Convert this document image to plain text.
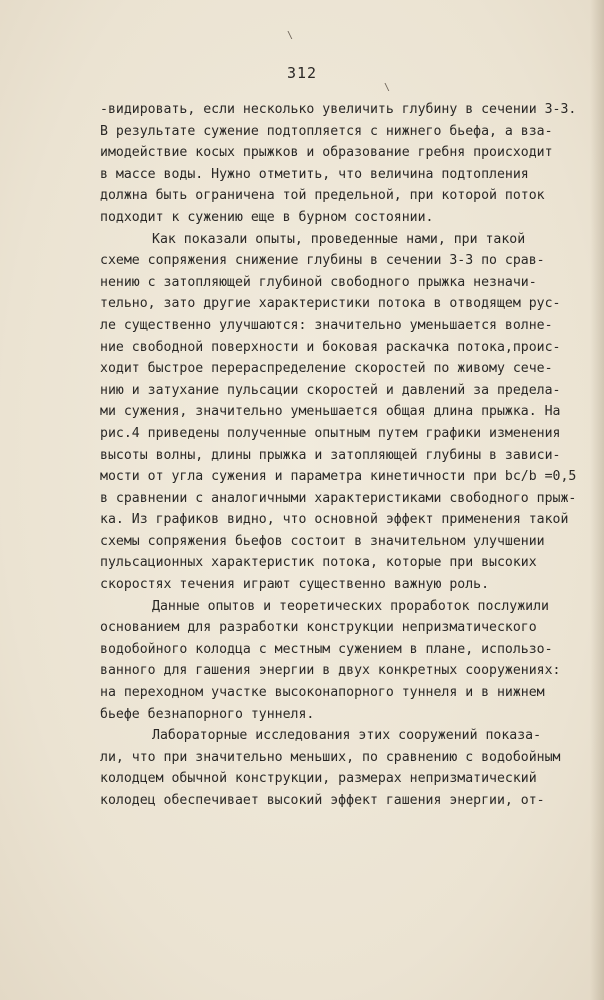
\
\
312
-видировать, если несколько увеличить глубину в сечении 3-3.
В результате сужение подтопляется с нижнего бьефа, а вза-
имодействие косых прыжков и образование гребня происходит
в массе воды. Нужно отметить, что величина подтопления
должна быть ограничена той предельной, при которой поток
подходит к сужению еще в бурном состоянии.
Как показали опыты, проведенные нами, при такой
схеме сопряжения снижение глубины в сечении 3-3 по срав-
нению с затопляющей глубиной свободного прыжка незначи-
тельно, зато другие характеристики потока в отводящем рус-
ле существенно улучшаются: значительно уменьшается волне-
ние свободной поверхности и боковая раскачка потока,проис-
ходит быстрое перераспределение скоростей по живому сече-
нию и затухание пульсации скоростей и давлений за предела-
ми сужения, значительно уменьшается общая длина прыжка. На
рис.4 приведены полученные опытным путем графики изменения
высоты волны, длины прыжка и затопляющей глубины в зависи-
мости от угла сужения и параметра кинетичности при bс/b =0,5
в сравнении с аналогичными характеристиками свободного прыж-
ка. Из графиков видно, что основной эффект применения такой
схемы сопряжения бьефов состоит в значительном улучшении
пульсационных характеристик потока, которые при высоких
скоростях течения играют существенно важную роль.
Данные опытов и теоретических проработок послужили
основанием для разработки конструкции непризматического
водобойного колодца с местным сужением в плане, использо-
ванного для гашения энергии в двух конкретных сооружениях:
на переходном участке высоконапорного туннеля и в нижнем
бьефе безнапорного туннеля.
Лабораторные исследования этих сооружений показа-
ли, что при значительно меньших, по сравнению с водобойным
колодцем обычной конструкции, размерах непризматический
колодец обеспечивает высокий эффект гашения энергии, от-
